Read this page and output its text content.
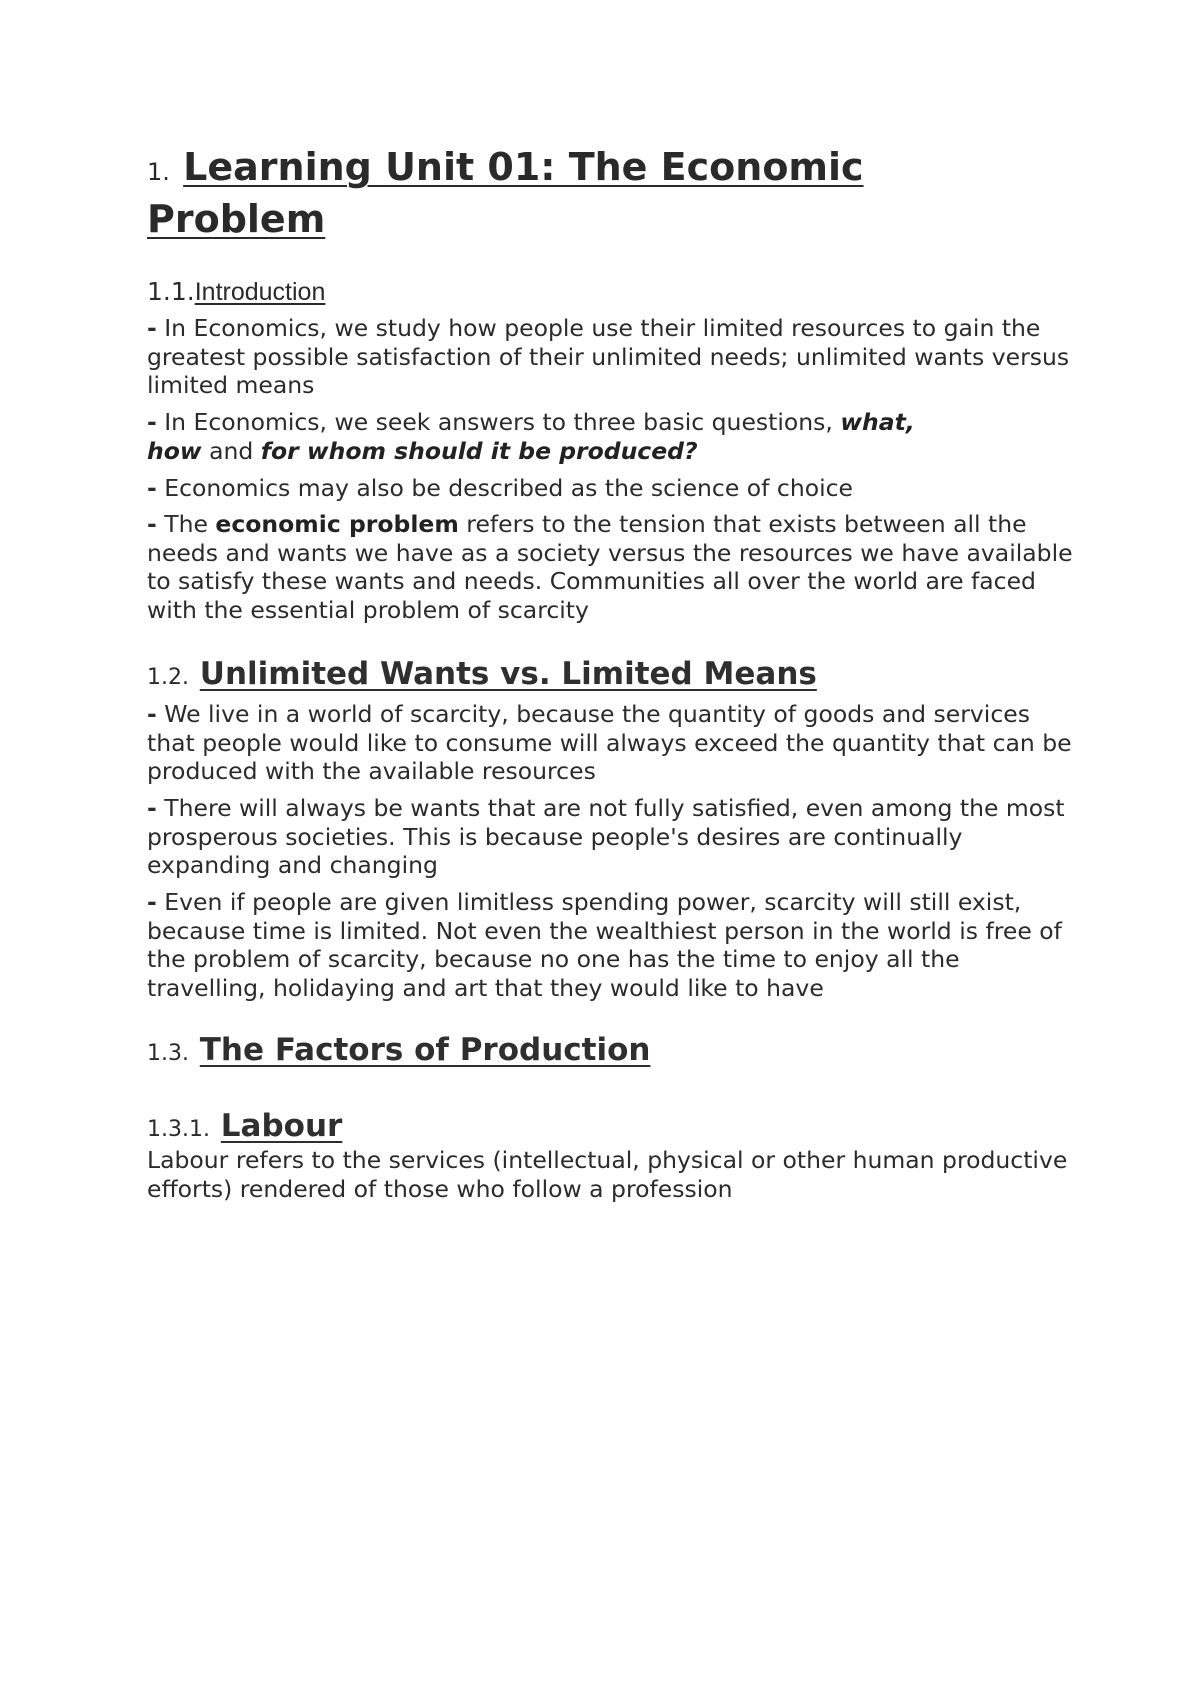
1. Learning Unit 01: The Economic
Problem
1.1.Introduction
- In Economics, we study how people use their limited resources to gain the greatest possible satisfaction of their unlimited needs; unlimited wants versus limited means
- In Economics, we seek answers to three basic questions, what,
how and for whom should it be produced?
- Economics may also be described as the science of choice
- The economic problem refers to the tension that exists between all the needs and wants we have as a society versus the resources we have available to satisfy these wants and needs. Communities all over the world are faced with the essential problem of scarcity
1.2. Unlimited Wants vs. Limited Means
- We live in a world of scarcity, because the quantity of goods and services that people would like to consume will always exceed the quantity that can be produced with the available resources
- There will always be wants that are not fully satisfied, even among the most prosperous societies. This is because people's desires are continually expanding and changing
- Even if people are given limitless spending power, scarcity will still exist, because time is limited. Not even the wealthiest person in the world is free of the problem of scarcity, because no one has the time to enjoy all the travelling, holidaying and art that they would like to have
1.3. The Factors of Production
1.3.1. Labour
Labour refers to the services (intellectual, physical or other human productive efforts) rendered of those who follow a profession
